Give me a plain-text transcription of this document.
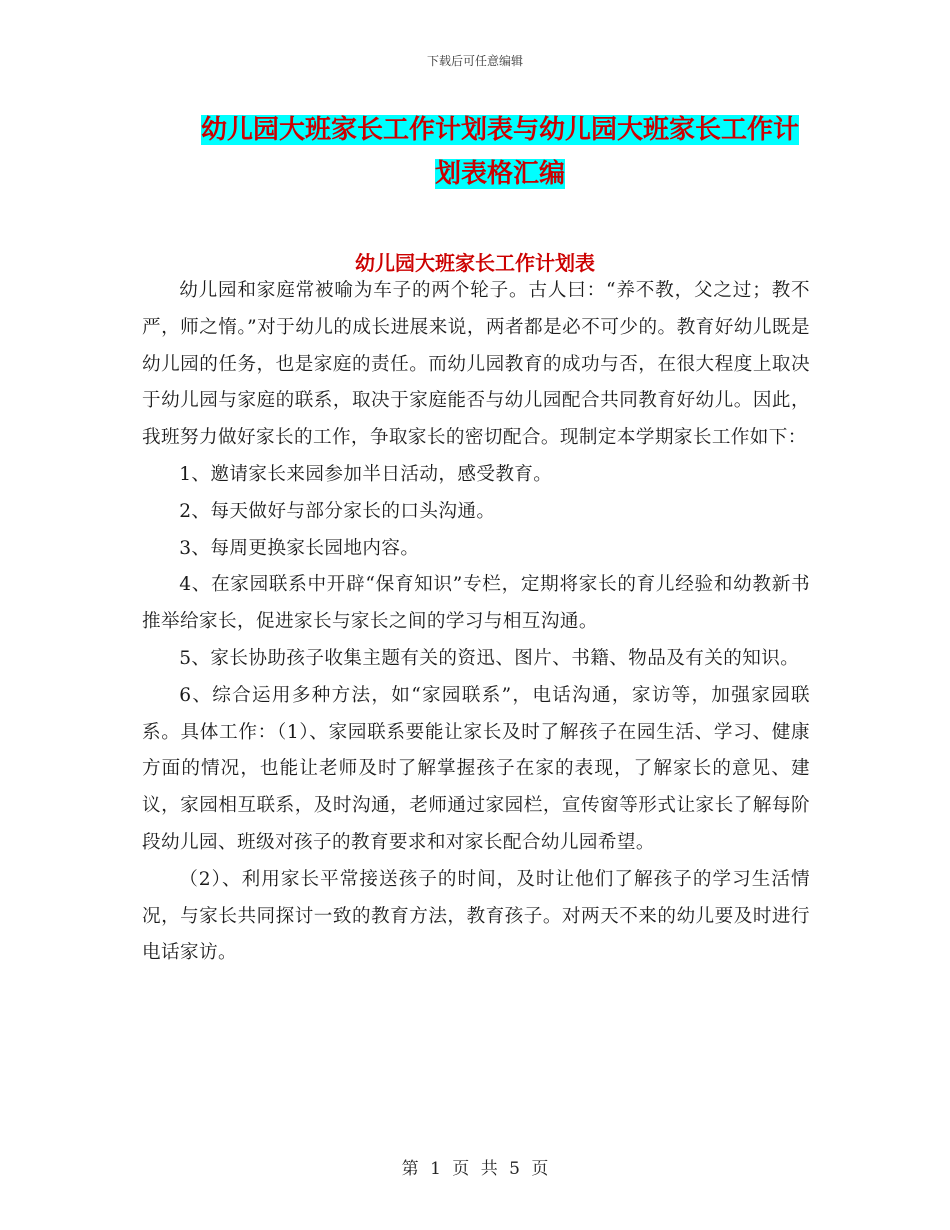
下载后可任意编辑
幼儿园大班家长工作计划表与幼儿园大班家长工作计
划表格汇编
幼儿园大班家长工作计划表

幼儿园和家庭常被喻为车子的两个轮子。古人曰：“养不教，父之过；教不严，师之惰。”对于幼儿的成长进展来说，两者都是必不可少的。教育好幼儿既是幼儿园的任务，也是家庭的责任。而幼儿园教育的成功与否，在很大程度上取决于幼儿园与家庭的联系，取决于家庭能否与幼儿园配合共同教育好幼儿。因此，我班努力做好家长的工作，争取家长的密切配合。现制定本学期家长工作如下：

1、邀请家长来园参加半日活动，感受教育。

2、每天做好与部分家长的口头沟通。

3、每周更换家长园地内容。

4、在家园联系中开辟“保育知识”专栏，定期将家长的育儿经验和幼教新书推举给家长，促进家长与家长之间的学习与相互沟通。

5、家长协助孩子收集主题有关的资迅、图片、书籍、物品及有关的知识。

6、综合运用多种方法，如“家园联系”，电话沟通，家访等，加强家园联系。具体工作：（1）、家园联系要能让家长及时了解孩子在园生活、学习、健康方面的情况，也能让老师及时了解掌握孩子在家的表现，了解家长的意见、建议，家园相互联系，及时沟通，老师通过家园栏，宣传窗等形式让家长了解每阶段幼儿园、班级对孩子的教育要求和对家长配合幼儿园希望。

（2）、利用家长平常接送孩子的时间，及时让他们了解孩子的学习生活情况，与家长共同探讨一致的教育方法，教育孩子。对两天不来的幼儿要及时进行电话家访。

第 1 页 共 5 页
